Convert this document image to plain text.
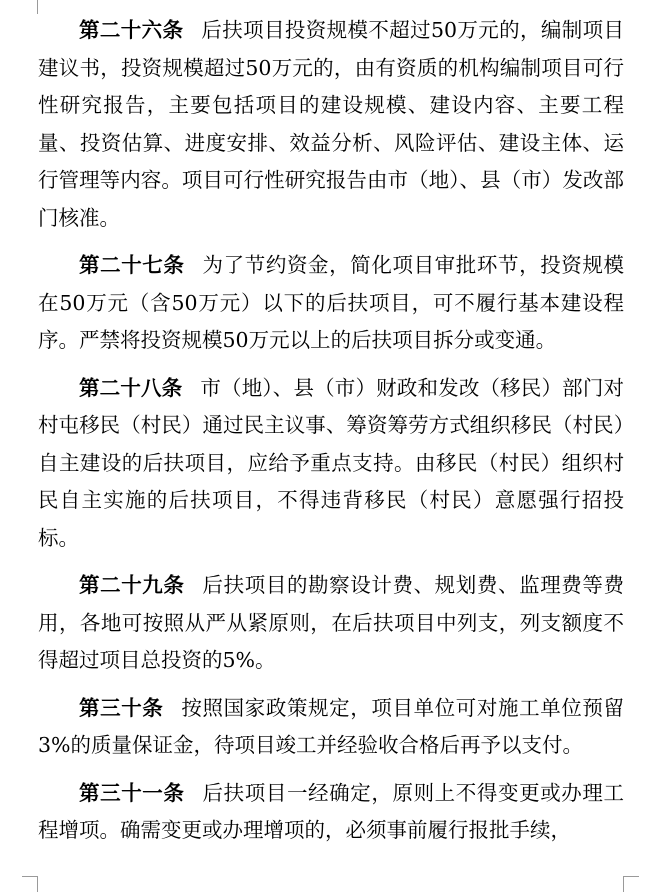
第二十六条 后扶项目投资规模不超过50万元的，编制项目建议书，投资规模超过50万元的，由有资质的机构编制项目可行性研究报告，主要包括项目的建设规模、建设内容、主要工程量、投资估算、进度安排、效益分析、风险评估、建设主体、运行管理等内容。项目可行性研究报告由市（地）、县（市）发改部门核准。

第二十七条 为了节约资金，简化项目审批环节，投资规模在50万元（含50万元）以下的后扶项目，可不履行基本建设程序。严禁将投资规模50万元以上的后扶项目拆分或变通。

第二十八条 市（地）、县（市）财政和发改（移民）部门对村屯移民（村民）通过民主议事、筹资筹劳方式组织移民（村民）自主建设的后扶项目，应给予重点支持。由移民（村民）组织村民自主实施的后扶项目，不得违背移民（村民）意愿强行招投标。

第二十九条 后扶项目的勘察设计费、规划费、监理费等费用，各地可按照从严从紧原则，在后扶项目中列支，列支额度不得超过项目总投资的5%。

第三十条 按照国家政策规定，项目单位可对施工单位预留3%的质量保证金，待项目竣工并经验收合格后再予以支付。

第三十一条 后扶项目一经确定，原则上不得变更或办理工程增项。确需变更或办理增项的，必须事前履行报批手续，
